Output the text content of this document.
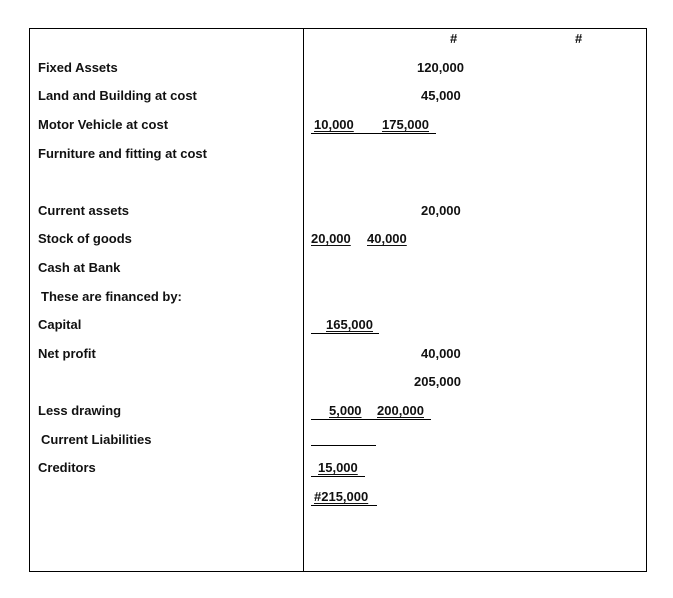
#	#
Fixed Assets
Land and Building at cost
Motor Vehicle at cost
Furniture and fitting at cost
Current assets
Stock of goods
Cash at Bank
These are financed by:
Capital
Net profit
Less drawing
Current Liabilities
Creditors
120,000
45,000
10,000 175,000
20,000
20,000 40,000
165,000
40,000
205,000
5,000 200,000
15,000
#215,000
